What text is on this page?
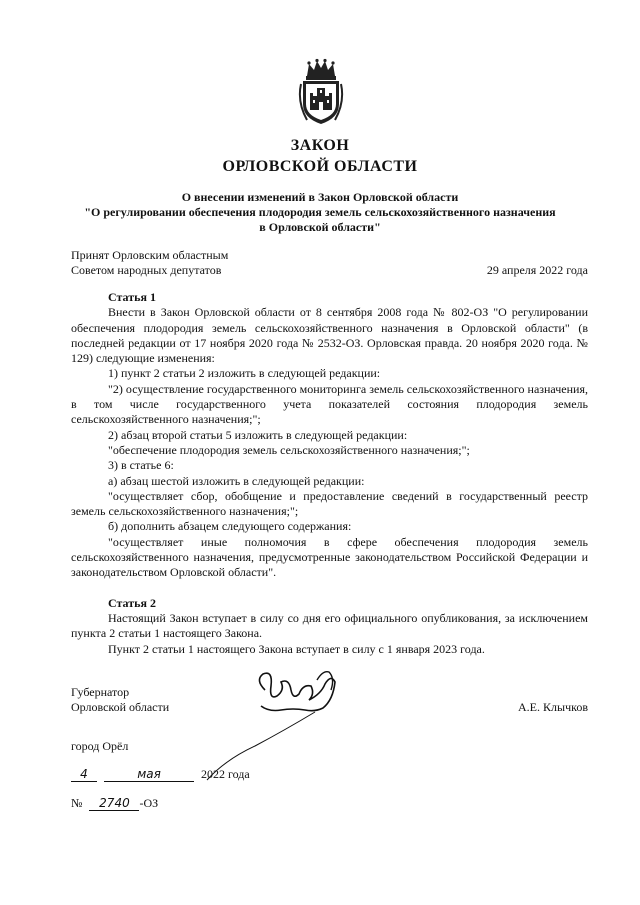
ЗАКОН
ОРЛОВСКОЙ ОБЛАСТИ
О внесении изменений в Закон Орловской области
"О регулировании обеспечения плодородия земель сельскохозяйственного назначения
в Орловской области"
Принят Орловским областным
Советом народных депутатов	29 апреля 2022 года
Статья 1

Внести в Закон Орловской области от 8 сентября 2008 года № 802-ОЗ "О регулировании обеспечения плодородия земель сельскохозяйственного назначения в Орловской области" (в последней редакции от 17 ноября 2020 года № 2532-ОЗ. Орловская правда. 20 ноября 2020 года. № 129) следующие изменения:

1) пункт 2 статьи 2 изложить в следующей редакции:

"2) осуществление государственного мониторинга земель сельскохозяйственного назначения, в том числе государственного учета показателей состояния плодородия земель сельскохозяйственного назначения;";

2) абзац второй статьи 5 изложить в следующей редакции:

"обеспечение плодородия земель сельскохозяйственного назначения;";

3) в статье 6:

а) абзац шестой изложить в следующей редакции:

"осуществляет сбор, обобщение и предоставление сведений в государственный реестр земель сельскохозяйственного назначения;";

б) дополнить абзацем следующего содержания:

"осуществляет иные полномочия в сфере обеспечения плодородия земель сельскохозяйственного назначения, предусмотренные законодательством Российской Федерации и законодательством Орловской области".

Статья 2

Настоящий Закон вступает в силу со дня его официального опубликования, за исключением пункта 2 статьи 1 настоящего Закона.

Пункт 2 статьи 1 настоящего Закона вступает в силу с 1 января 2023 года.

Губернатор
Орловской области	А.Е. Клычков
город Орёл
4	мая	2022 года
№ 2740 -ОЗ
